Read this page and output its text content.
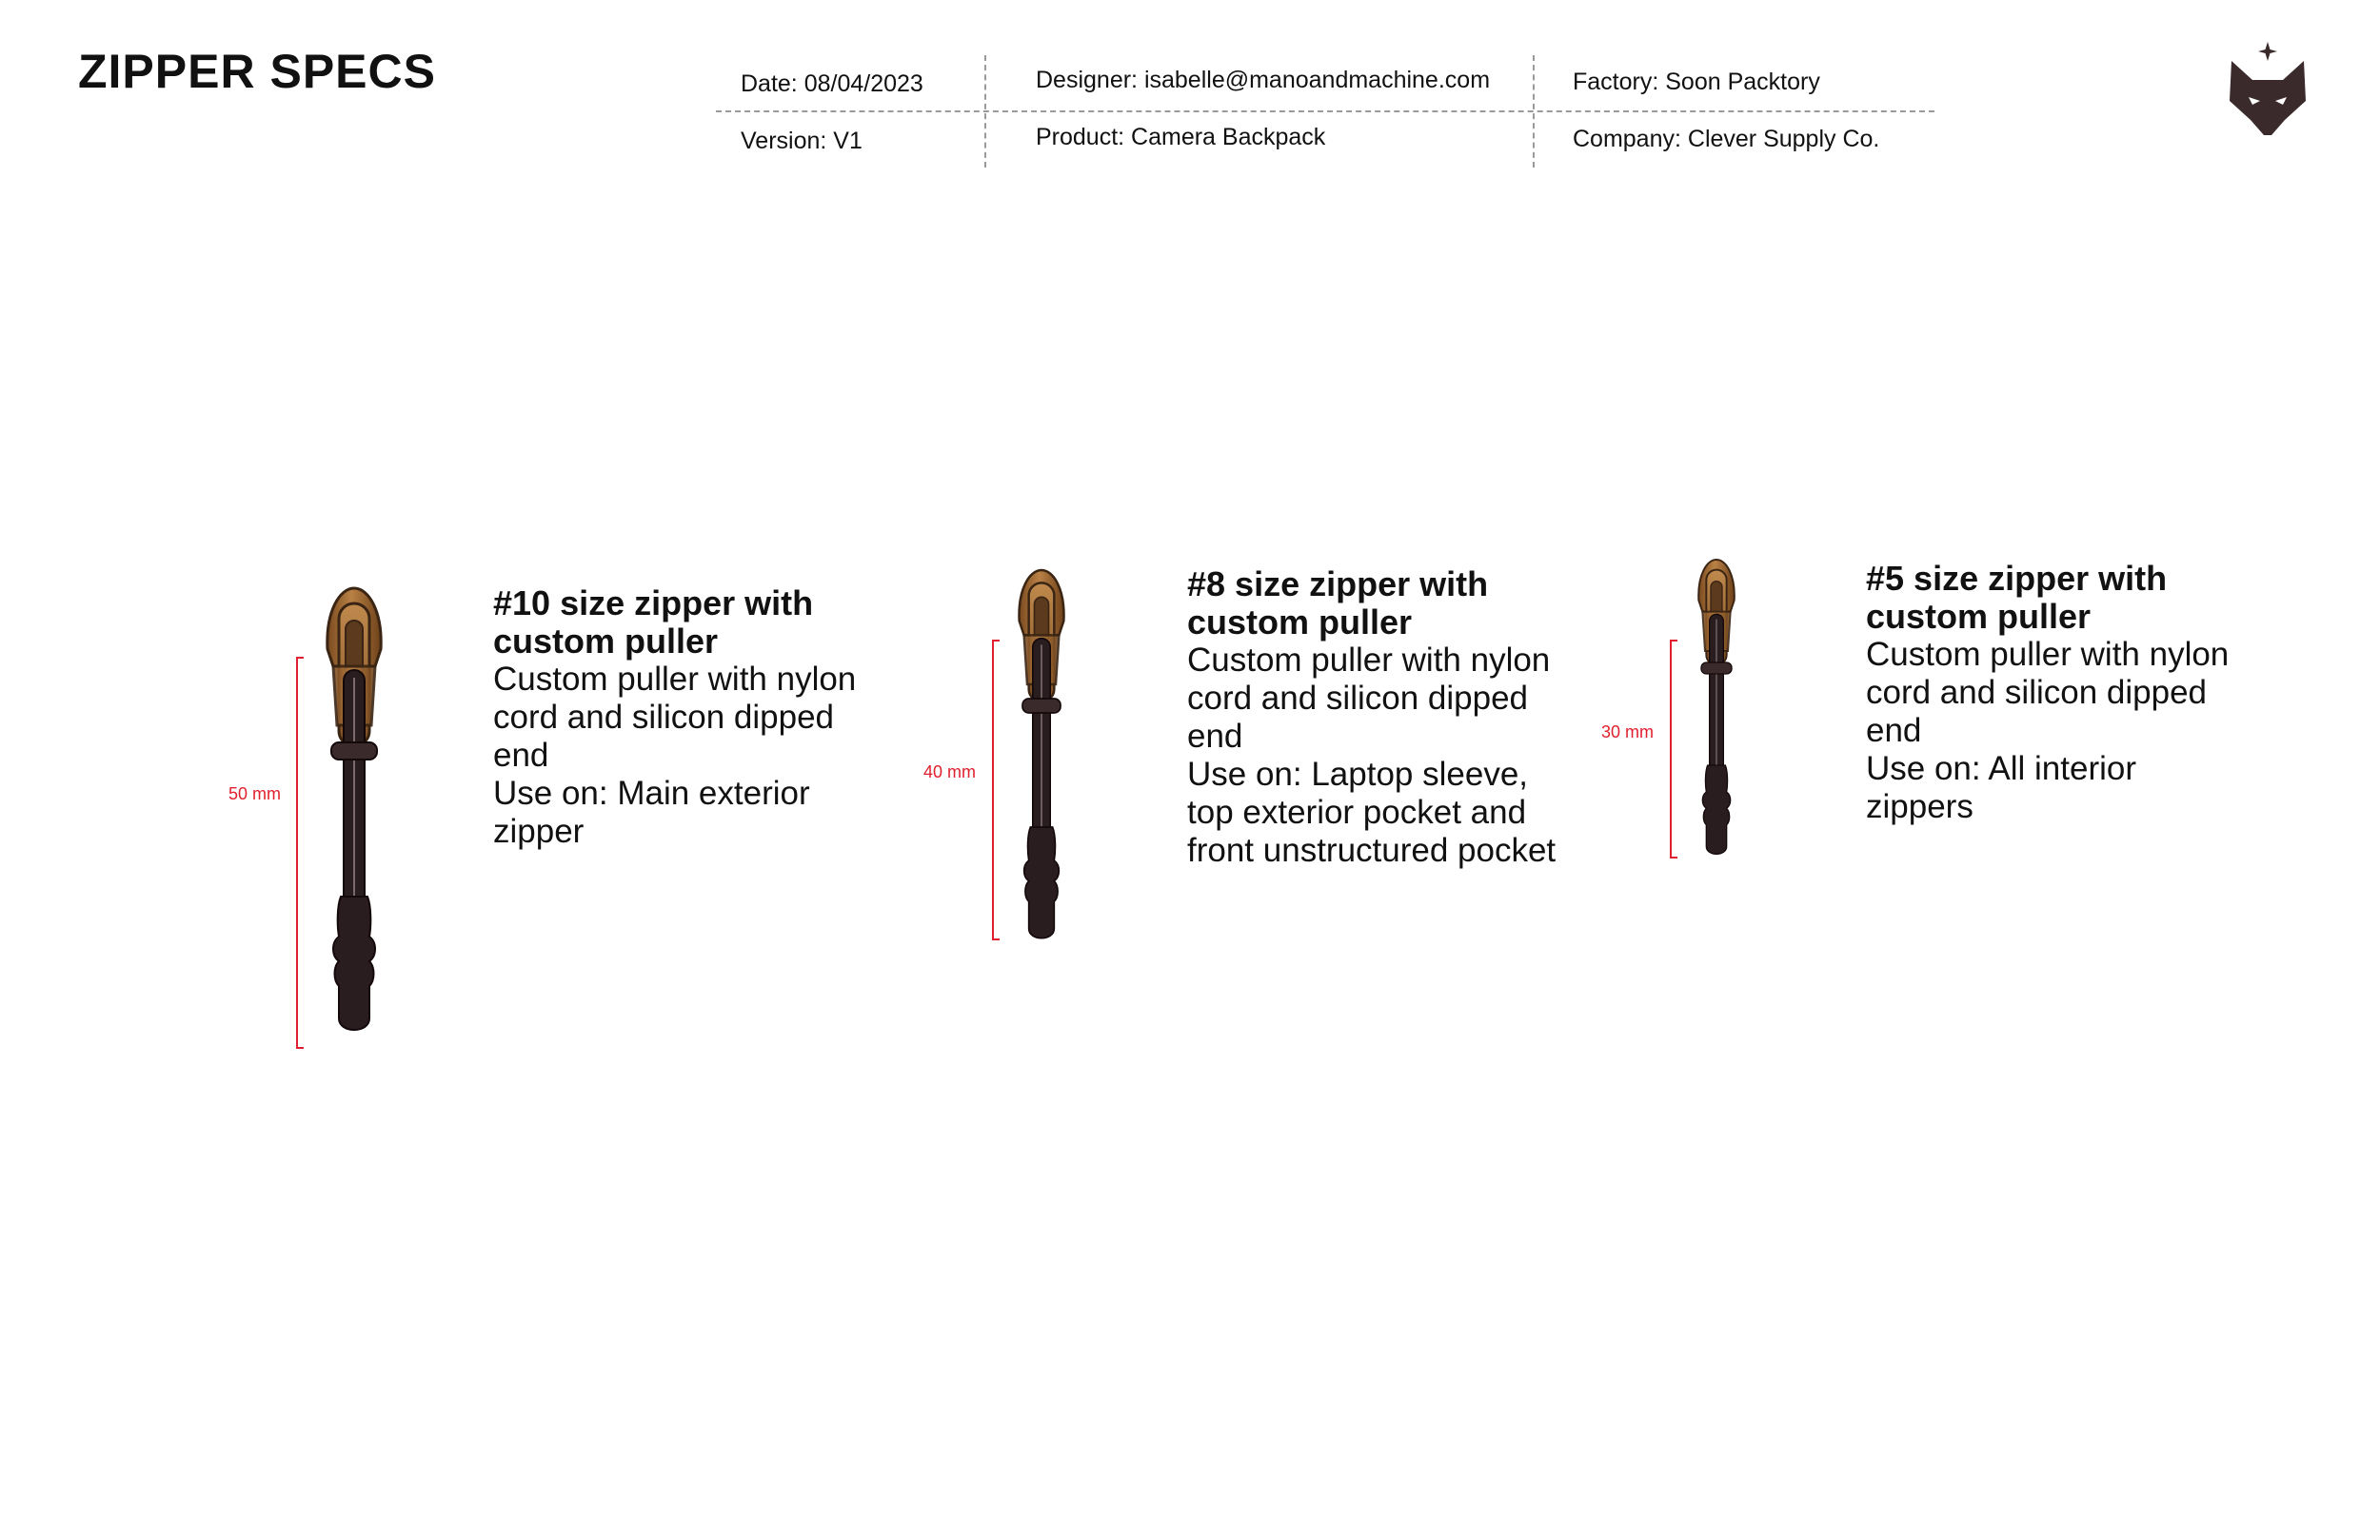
ZIPPER SPECS	Date: 08/04/2023
Version: V1
Designer: isabelle@manoandmachine.com
Product: Camera Backpack
Factory: Soon Packtory
Company: Clever Supply Co.
50 mm

#10 size zipper with custom puller

Custom puller with nylon cord and silicon dipped end

Use on: Main exterior zipper

40 mm

#8 size zipper with custom puller

Custom puller with nylon cord and silicon dipped end

Use on: Laptop sleeve, top exterior pocket and front unstructured pocket

30 mm

#5 size zipper with custom puller

Custom puller with nylon cord and silicon dipped end

Use on: All interior zippers
